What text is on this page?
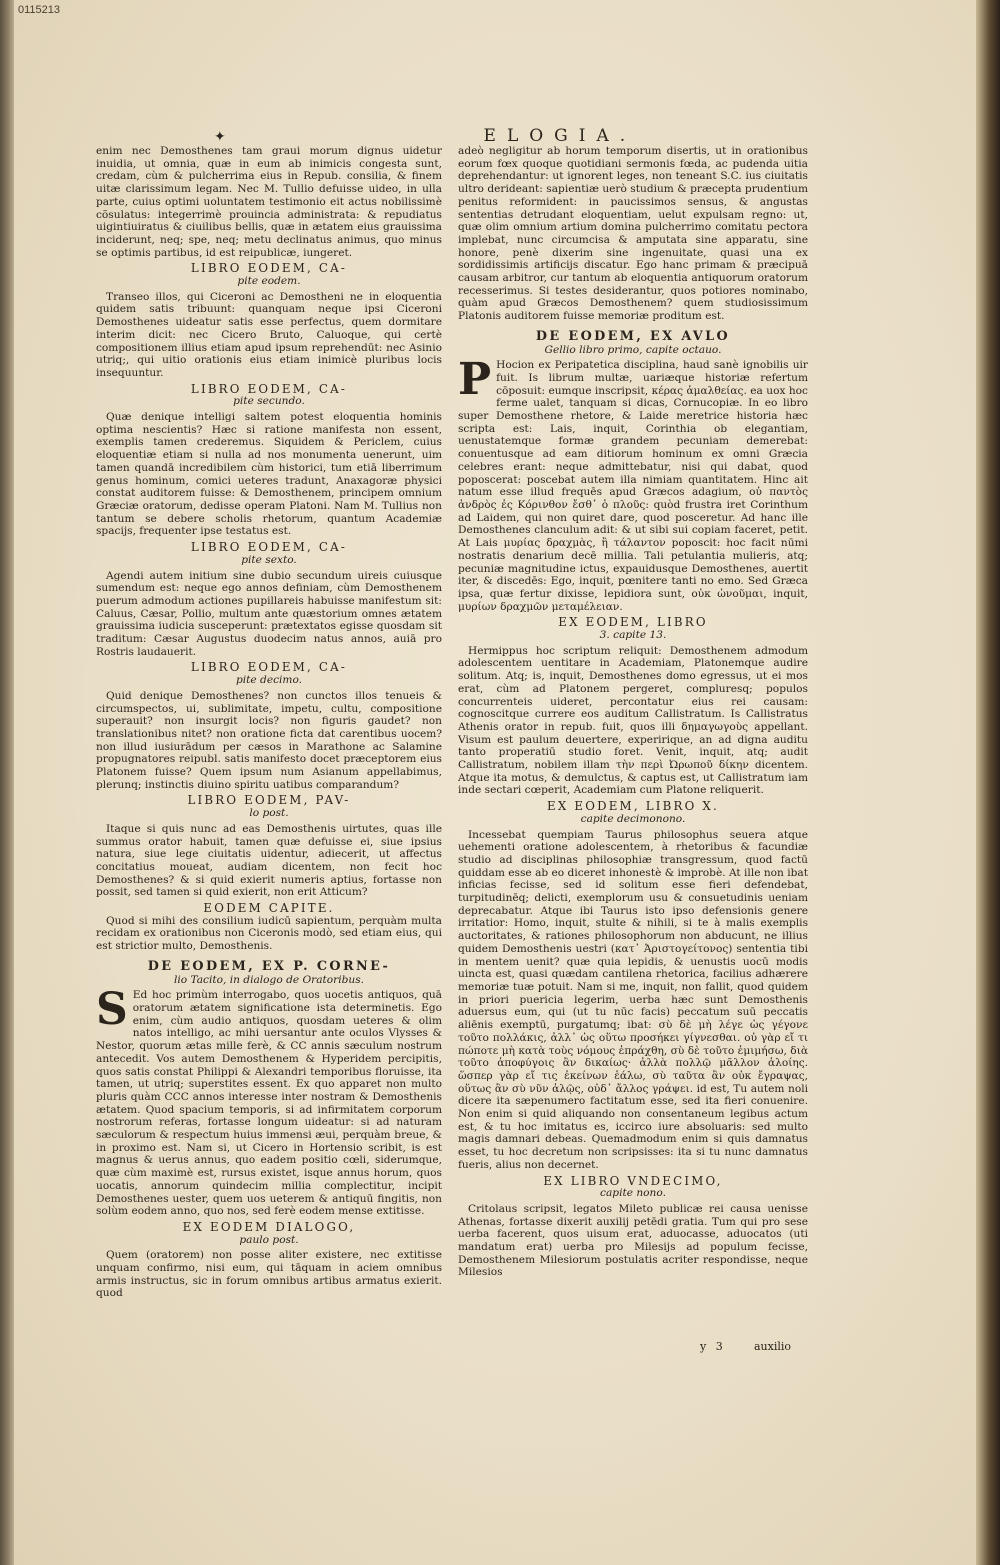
0115213
✦	ELOGIA.

enim nec Demosthenes tam graui morum dignus uidetur inuidia, ut omnia, quæ in eum ab inimicis congesta sunt, credam, cùm & pulcherrima eius in Repub. consilia, & finem uitæ clarissimum legam. Nec M. Tullio defuisse uideo, in ulla parte, cuius optimi uoluntatem testimonio eit actus nobilissimè cõsulatus: integerrimè prouincia administrata: & repudiatus uigintiuiratus & ciuilibus bellis, quæ in ætatem eius grauissima inciderunt, neq; spe, neq; metu declinatus animus, quo minus se optimis partibus, id est reipublicæ, iungeret.

LIBRO EODEM, CA-
pite eodem.

Transeo illos, qui Ciceroni ac Demostheni ne in eloquentia quidem satis tribuunt: quanquam neque ipsi Ciceroni Demosthenes uideatur satis esse perfectus, quem dormitare interim dicit: nec Cicero Bruto, Caluoque, qui certè compositionem illius etiam apud ipsum reprehendūt: nec Asinio utriq;, qui uitio orationis eius etiam inimicè pluribus locis insequuntur.

LIBRO EODEM, CA-
pite secundo.

Quæ denique intelligi saltem potest eloquentia hominis optima nescientis? Hæc si ratione manifesta non essent, exemplis tamen crederemus. Siquidem & Periclem, cuius eloquentiæ etiam si nulla ad nos monumenta uenerunt, uim tamen quandā incredibilem cùm historici, tum etiā liberrimum genus hominum, comici ueteres tradunt, Anaxagoræ physici constat auditorem fuisse: & Demosthenem, principem omnium Græciæ oratorum, dedisse operam Platoni. Nam M. Tullius non tantum se debere scholis rhetorum, quantum Academiæ spacijs, frequenter ipse testatus est.

LIBRO EODEM, CA-
pite sexto.

Agendi autem initium sine dubio secundum uireis cuiusque sumendum est: neque ego annos definiam, cùm Demosthenem puerum admodum actiones pupillareis habuisse manifestum sit: Caluus, Cæsar, Pollio, multum ante quæstorium omnes ætatem grauissima iudicia susceperunt: prætextatos egisse quosdam sit traditum: Cæsar Augustus duodecim natus annos, auiā pro Rostris laudauerit.

LIBRO EODEM, CA-
pite decimo.

Quid denique Demosthenes? non cunctos illos tenueis & circumspectos, ui, sublimitate, impetu, cultu, compositione superauit? non insurgit locis? non figuris gaudet? non translationibus nitet? non oratione ficta dat carentibus uocem? non illud iusiurādum per cæsos in Marathone ac Salamine propugnatores reipubl. satis manifesto docet præceptorem eius Platonem fuisse? Quem ipsum num Asianum appellabimus, plerunq; instinctis diuino spiritu uatibus comparandum?

LIBRO EODEM, PAV-
lo post.

Itaque si quis nunc ad eas Demosthenis uirtutes, quas ille summus orator habuit, tamen quæ defuisse ei, siue ipsius natura, siue lege ciuitatis uidentur, adiecerit, ut affectus concitatius moueat, audiam dicentem, non fecit hoc Demosthenes? & si quid exierit numeris aptius, fortasse non possit, sed tamen si quid exierit, non erit Atticum?

EODEM CAPITE.

Quod si mihi des consilium iudicū sapientum, perquàm multa recidam ex orationibus non Ciceronis modò, sed etiam eius, qui est strictior multo, Demosthenis.

DE EODEM, EX P. CORNE-
lio Tacito, in dialogo de Oratoribus.

S Ed hoc primùm interrogabo, quos uocetis antiquos, quā oratorum ætatem significatione ista determinetis. Ego enim, cùm audio antiquos, quosdam ueteres & olim natos intelligo, ac mihi uersantur ante oculos Vlysses & Nestor, quorum ætas mille ferè, & CC annis sæculum nostrum antecedit. Vos autem Demosthenem & Hyperidem percipitis, quos satis constat Philippi & Alexandri temporibus floruisse, ita tamen, ut utriq; superstites essent. Ex quo apparet non multo pluris quàm CCC annos interesse inter nostram & Demosthenis ætatem. Quod spacium temporis, si ad infirmitatem corporum nostrorum referas, fortasse longum uideatur: si ad naturam sæculorum & respectum huius immensi æui, perquàm breue, & in proximo est. Nam si, ut Cicero in Hortensio scribit, is est magnus & uerus annus, quo eadem positio cœli, siderumque, quæ cùm maximè est, rursus existet, isque annus horum, quos uocatis, annorum quindecim millia complectitur, incipit Demosthenes uester, quem uos ueterem & antiquū fingitis, non solùm eodem anno, quo nos, sed ferè eodem mense extitisse.

EX EODEM DIALOGO,
paulo post.

Quem (oratorem) non posse aliter existere, nec extitisse unquam confirmo, nisi eum, qui tāquam in aciem omnibus armis instructus, sic in forum omnibus artibus armatus exierit. quod

adeò negligitur ab horum temporum disertis, ut in orationibus eorum fœx quoque quotidiani sermonis fœda, ac pudenda uitia deprehendantur: ut ignorent leges, non teneant S.C. ius ciuitatis ultro derideant: sapientiæ uerò studium & præcepta prudentium penitus reformident: in paucissimos sensus, & angustas sententias detrudant eloquentiam, uelut expulsam regno: ut, quæ olim omnium artium domina pulcherrimo comitatu pectora implebat, nunc circumcisa & amputata sine apparatu, sine honore, penè dixerim sine ingenuitate, quasi una ex sordidissimis artificijs discatur. Ego hanc primam & præcipuā causam arbitror, cur tantum ab eloquentia antiquorum oratorum recesserimus. Si testes desiderantur, quos potiores nominabo, quàm apud Græcos Demosthenem? quem studiosissimum Platonis auditorem fuisse memoriæ proditum est.

DE EODEM, EX AVLO
Gellio libro primo, capite octauo.

P Hocion ex Peripatetica disciplina, haud sanè ignobilis uir fuit. Is librum multæ, uariæque historiæ refertum cōposuit: eumque inscripsit, κέρας ἀμαλθείας. ea uox hoc ferme ualet, tanquam si dicas, Cornucopiæ. In eo libro super Demosthene rhetore, & Laide meretrice historia hæc scripta est: Lais, inquit, Corinthia ob elegantiam, uenustatemque formæ grandem pecuniam demerebat: conuentusque ad eam ditiorum hominum ex omni Græcia celebres erant: neque admittebatur, nisi qui dabat, quod poposcerat: poscebat autem illa nimiam quantitatem. Hinc ait natum esse illud frequēs apud Græcos adagium, οὐ παντὸς ἀνδρὸς ἐς Κόρινθον ἔσθ᾽ ὁ πλοῦς: quòd frustra iret Corinthum ad Laidem, qui non quiret dare, quod posceretur. Ad hanc ille Demosthenes clanculum adit: & ut sibi sui copiam faceret, petit. At Lais μυρίας δραχμὰς, ἢ τάλαντον poposcit: hoc facit nūmi nostratis denarium decē millia. Tali petulantia mulieris, atq; pecuniæ magnitudine ictus, expauidusque Demosthenes, auertit iter, & discedēs: Ego, inquit, pœnitere tanti no emo. Sed Græca ipsa, quæ fertur dixisse, lepidiora sunt, οὐκ ὠνοῦμαι, inquit, μυρίων δραχμῶν μεταμέλειαν.

EX EODEM, LIBRO
3. capite 13.

Hermippus hoc scriptum reliquit: Demosthenem admodum adolescentem uentitare in Academiam, Platonemque audire solitum. Atq; is, inquit, Demosthenes domo egressus, ut ei mos erat, cùm ad Platonem pergeret, compluresq; populos concurrenteis uideret, percontatur eius rei causam: cognoscitque currere eos auditum Callistratum. Is Callistratus Athenis orator in repub. fuit, quos illi δημαγωγοὺς appellant. Visum est paulum deuertere, experirique, an ad digna auditu tanto properatiū studio foret. Venit, inquit, atq; audit Callistratum, nobilem illam τὴν περὶ Ὠρωποῦ δίκην dicentem. Atque ita motus, & demulctus, & captus est, ut Callistratum iam inde sectari cœperit, Academiam cum Platone reliquerit.

EX EODEM, LIBRO X.
capite decimonono.

Incessebat quempiam Taurus philosophus seuera atque uehementi oratione adolescentem, à rhetoribus & facundiæ studio ad disciplinas philosophiæ transgressum, quod factū quiddam esse ab eo diceret inhonestè & improbè. At ille non ibat inficias fecisse, sed id solitum esse fieri defendebat, turpitudinēq; delicti, exemplorum usu & consuetudinis ueniam deprecabatur. Atque ibi Taurus isto ipso defensionis genere irritatior: Homo, inquit, stulte & nihili, si te à malis exemplis auctoritates, & rationes philosophorum non abducunt, ne illius quidem Demosthenis uestri (κατ᾽ Ἀριστογείτονος) sententia tibi in mentem uenit? quæ quia lepidis, & uenustis uocū modis uincta est, quasi quædam cantilena rhetorica, facilius adhærere memoriæ tuæ potuit. Nam si me, inquit, non fallit, quod quidem in priori puericia legerim, uerba hæc sunt Demosthenis aduersus eum, qui (ut tu nūc facis) peccatum suū peccatis aliēnis exemptū, purgatumq; ibat: σὺ δὲ μὴ λέγε ὡς γέγονε τοῦτο πολλάκις, ἀλλ᾽ ὡς οὕτω προσήκει γίγνεσθαι. οὐ γὰρ εἴ τι πώποτε μὴ κατὰ τοὺς νόμους ἐπράχθη, σὺ δὲ τοῦτο ἐμιμήσω, διὰ τοῦτο ἀποφύγοις ἂν δικαίως· ἀλλὰ πολλῷ μᾶλλον ἁλοίης. ὥσπερ γὰρ εἴ τις ἐκείνων ἑάλω, σὺ ταῦτα ἂν οὐκ ἔγραψας, οὕτως ἂν σὺ νῦν ἁλῷς, οὐδ᾽ ἄλλος γράψει. id est, Tu autem noli dicere ita sæpenumero factitatum esse, sed ita fieri conuenire. Non enim si quid aliquando non consentaneum legibus actum est, & tu hoc imitatus es, iccirco iure absoluaris: sed multo magis damnari debeas. Quemadmodum enim si quis damnatus esset, tu hoc decretum non scripsisses: ita si tu nunc damnatus fueris, alius non decernet.

EX LIBRO VNDECIMO,
capite nono.

Critolaus scripsit, legatos Mileto publicæ rei causa uenisse Athenas, fortasse dixerit auxilij petēdi gratia. Tum qui pro sese uerba facerent, quos uisum erat, aduocasse, aduocatos (uti mandatum erat) uerba pro Milesijs ad populum fecisse, Demosthenem Milesiorum postulatis acriter respondisse, neque Milesios

y 3	auxilio
